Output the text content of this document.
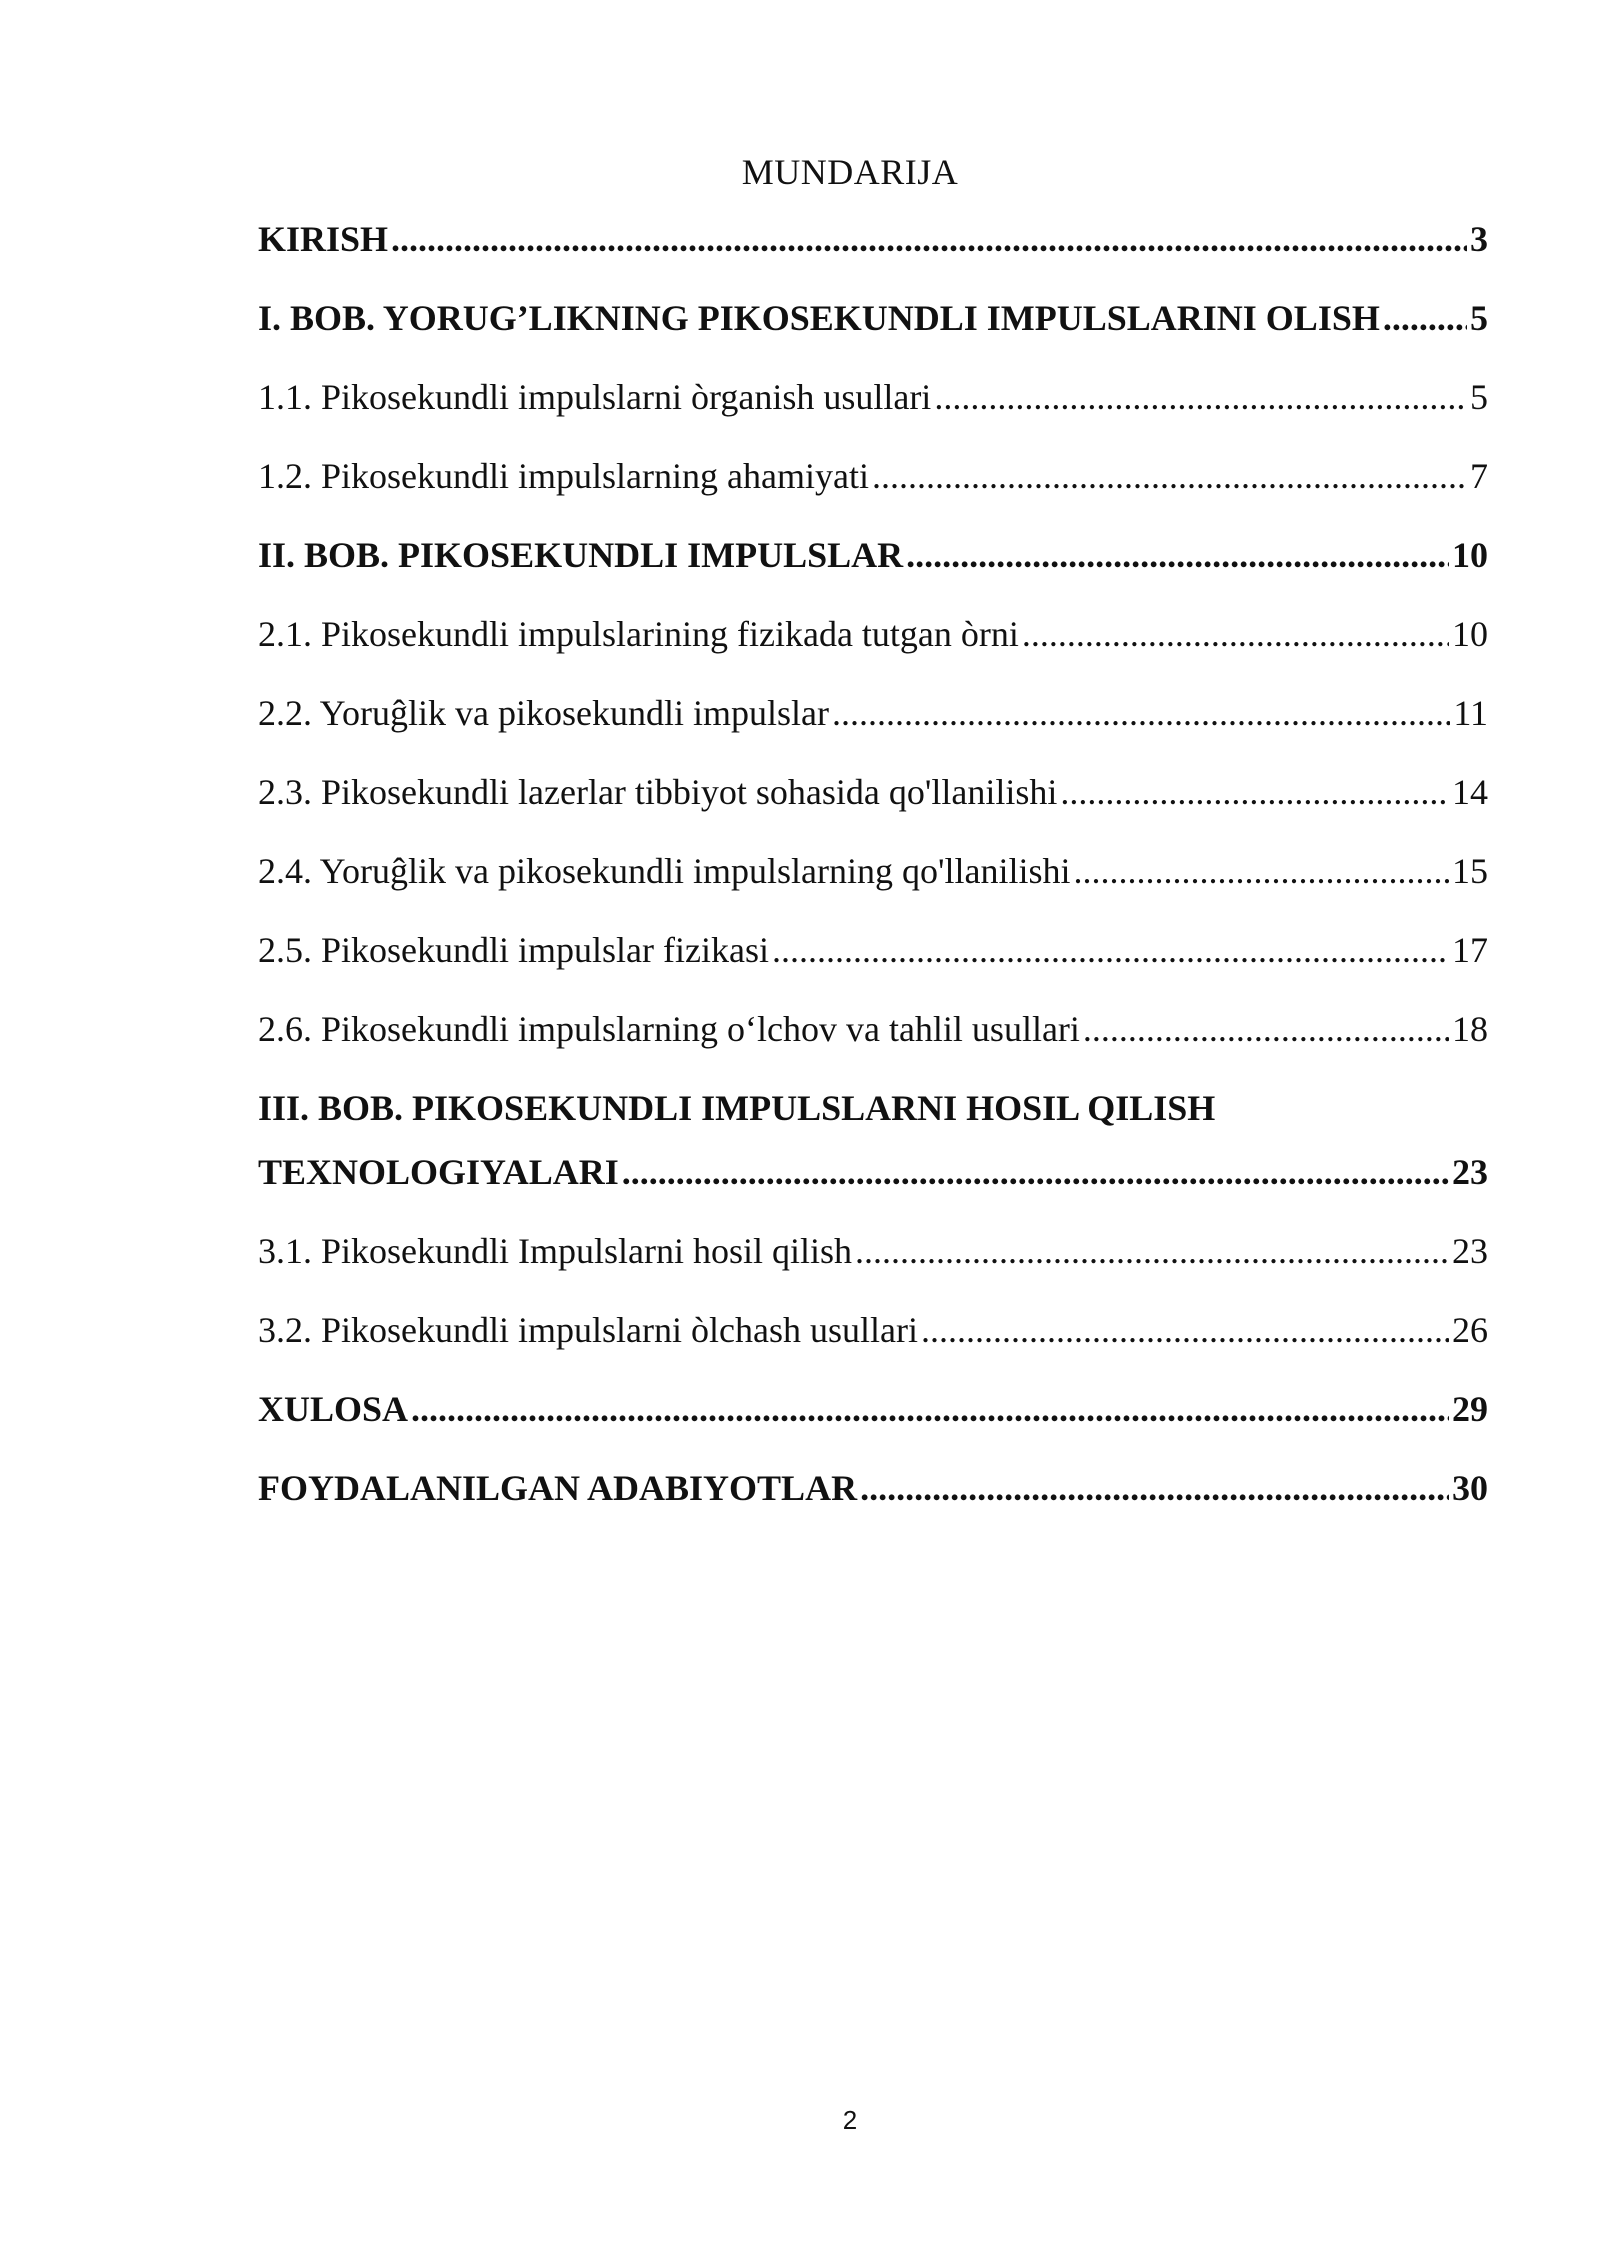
MUNDARIJA
KIRISH .....	3
I. BOB. YORUG’LIKNING PIKOSEKUNDLI IMPULSLARINI OLISH .....	5
1.1. Pikosekundli impulslarni òrganish usullari .....	5
1.2. Pikosekundli impulslarning ahamiyati .....	7
II. BOB. PIKOSEKUNDLI IMPULSLAR .....	10
2.1. Pikosekundli impulslarining fizikada tutgan òrni .....	10
2.2. Yoruĝlik va pikosekundli impulslar .....	11
2.3. Pikosekundli lazerlar tibbiyot sohasida qo'llanilishi .....	14
2.4. Yoruĝlik va pikosekundli impulslarning qo'llanilishi .....	15
2.5. Pikosekundli impulslar fizikasi .....	17
2.6. Pikosekundli impulslarning o‘lchov va tahlil usullari .....	18
III. BOB. PIKOSEKUNDLI IMPULSLARNI HOSIL QILISH
TEXNOLOGIYALARI .....	23
3.1. Pikosekundli Impulslarni hosil qilish .....	23
3.2. Pikosekundli impulslarni òlchash usullari .....	26
XULOSA .....	29
FOYDALANILGAN ADABIYOTLAR .....	30
2
